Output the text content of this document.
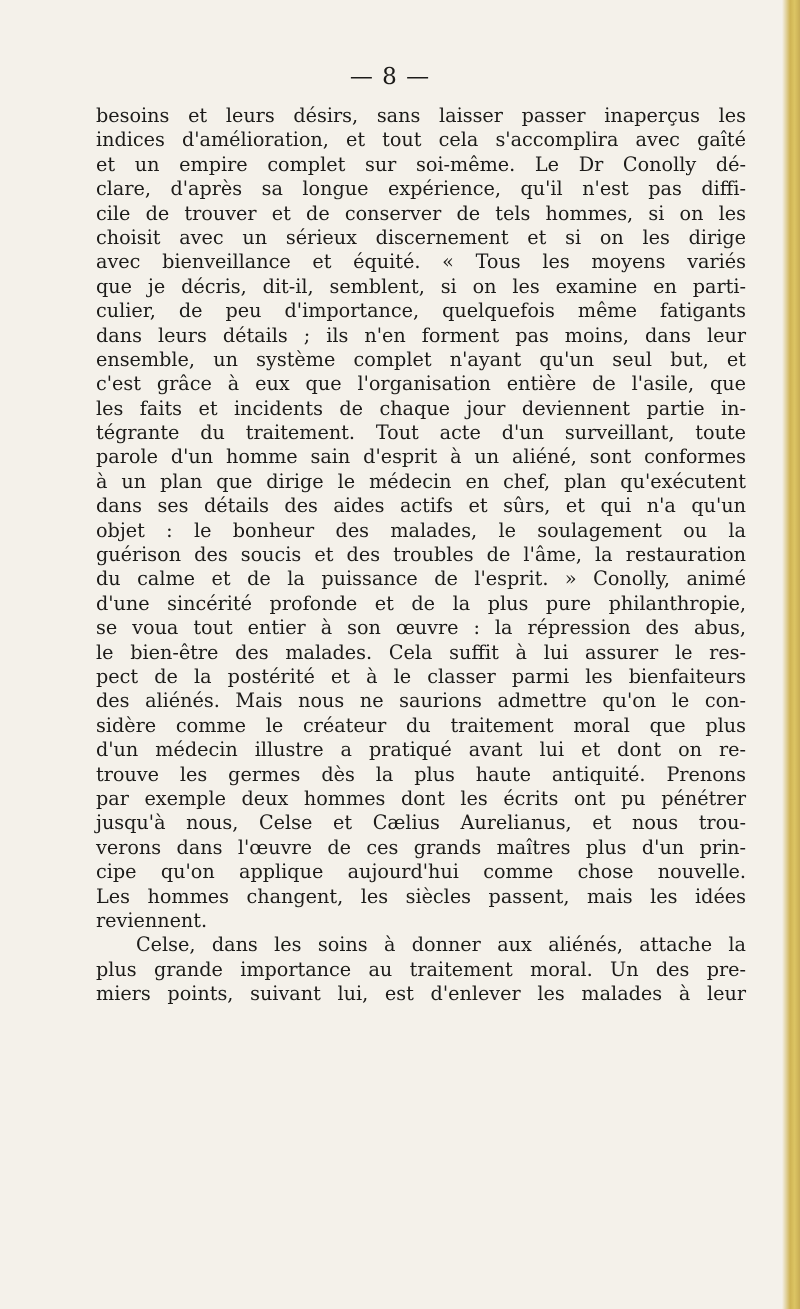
— 8 —
besoins et leurs désirs, sans laisser passer inaperçus les
indices d'amélioration, et tout cela s'accomplira avec gaîté
et un empire complet sur soi-même. Le Dr Conolly dé-
clare, d'après sa longue expérience, qu'il n'est pas diffi-
cile de trouver et de conserver de tels hommes, si on les
choisit avec un sérieux discernement et si on les dirige
avec bienveillance et équité. « Tous les moyens variés
que je décris, dit-il, semblent, si on les examine en parti-
culier, de peu d'importance, quelquefois même fatigants
dans leurs détails ; ils n'en forment pas moins, dans leur
ensemble, un système complet n'ayant qu'un seul but, et
c'est grâce à eux que l'organisation entière de l'asile, que
les faits et incidents de chaque jour deviennent partie in-
tégrante du traitement. Tout acte d'un surveillant, toute
parole d'un homme sain d'esprit à un aliéné, sont conformes
à un plan que dirige le médecin en chef, plan qu'exécutent
dans ses détails des aides actifs et sûrs, et qui n'a qu'un
objet : le bonheur des malades, le soulagement ou la
guérison des soucis et des troubles de l'âme, la restauration
du calme et de la puissance de l'esprit. » Conolly, animé
d'une sincérité profonde et de la plus pure philanthropie,
se voua tout entier à son œuvre : la répression des abus,
le bien-être des malades. Cela suffit à lui assurer le res-
pect de la postérité et à le classer parmi les bienfaiteurs
des aliénés. Mais nous ne saurions admettre qu'on le con-
sidère comme le créateur du traitement moral que plus
d'un médecin illustre a pratiqué avant lui et dont on re-
trouve les germes dès la plus haute antiquité. Prenons
par exemple deux hommes dont les écrits ont pu pénétrer
jusqu'à nous, Celse et Cælius Aurelianus, et nous trou-
verons dans l'œuvre de ces grands maîtres plus d'un prin-
cipe qu'on applique aujourd'hui comme chose nouvelle.
Les hommes changent, les siècles passent, mais les idées
reviennent.
Celse, dans les soins à donner aux aliénés, attache la
plus grande importance au traitement moral. Un des pre-
miers points, suivant lui, est d'enlever les malades à leur
